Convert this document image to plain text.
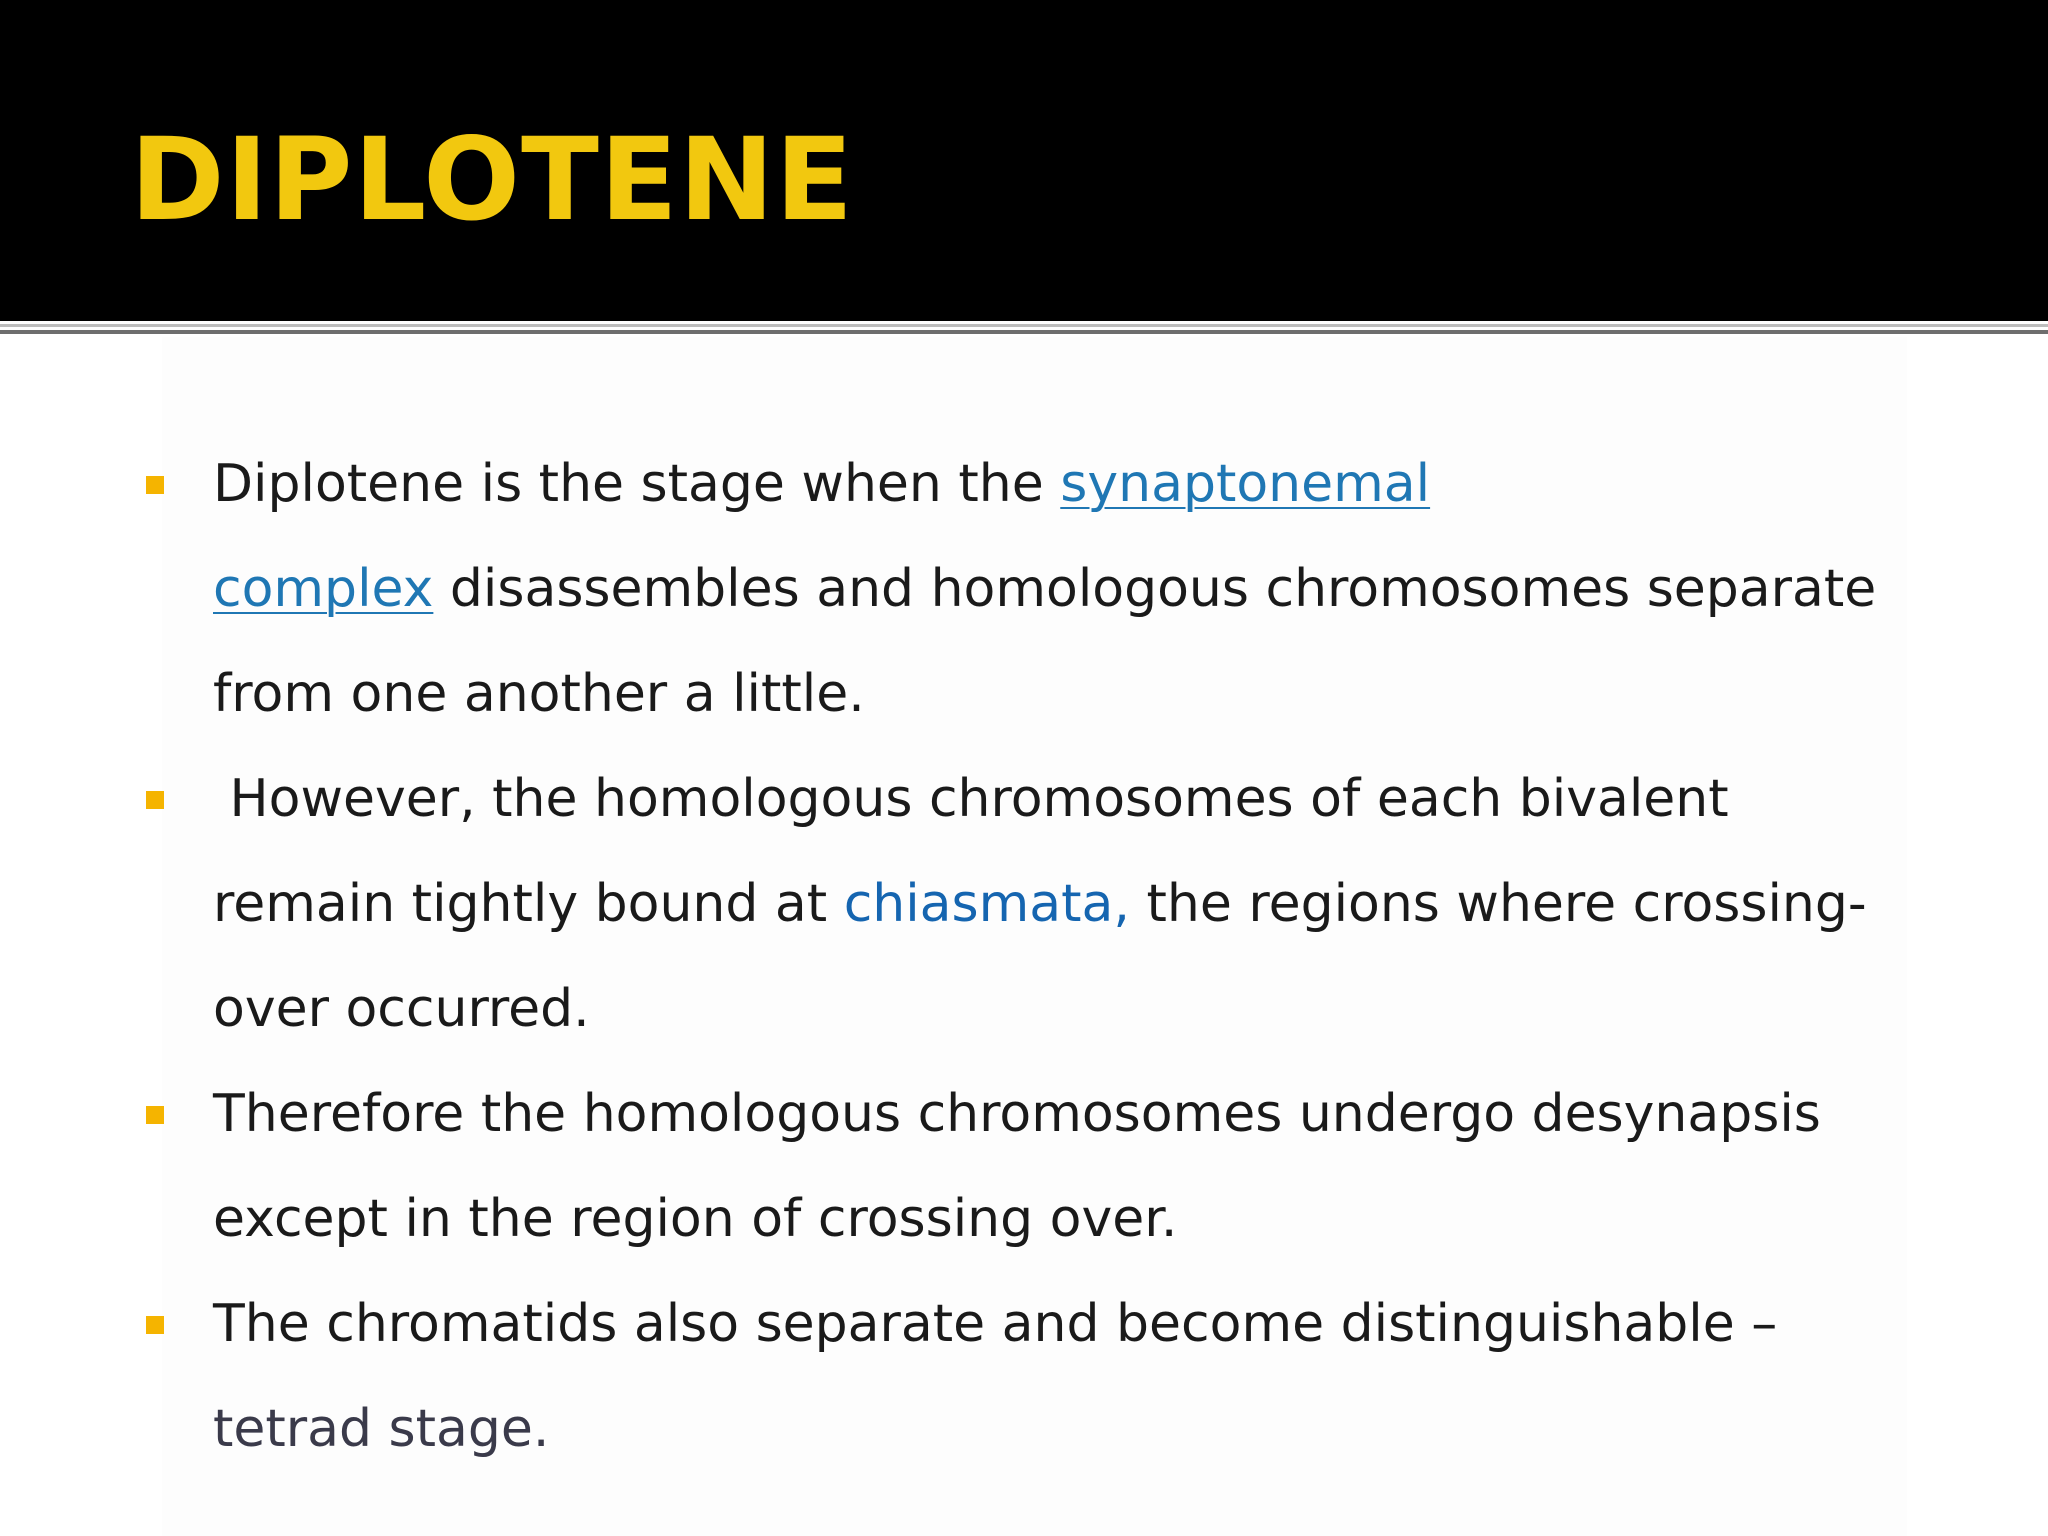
DIPLOTENE
Diplotene is the stage when the synaptonemal
complex disassembles and homologous chromosomes separate from one another a little.
However, the homologous chromosomes of each bivalent remain tightly bound at chiasmata, the regions where crossing-over occurred.
Therefore the homologous chromosomes undergo desynapsis except in the region of crossing over.
The chromatids also separate and become distinguishable –tetrad stage.
